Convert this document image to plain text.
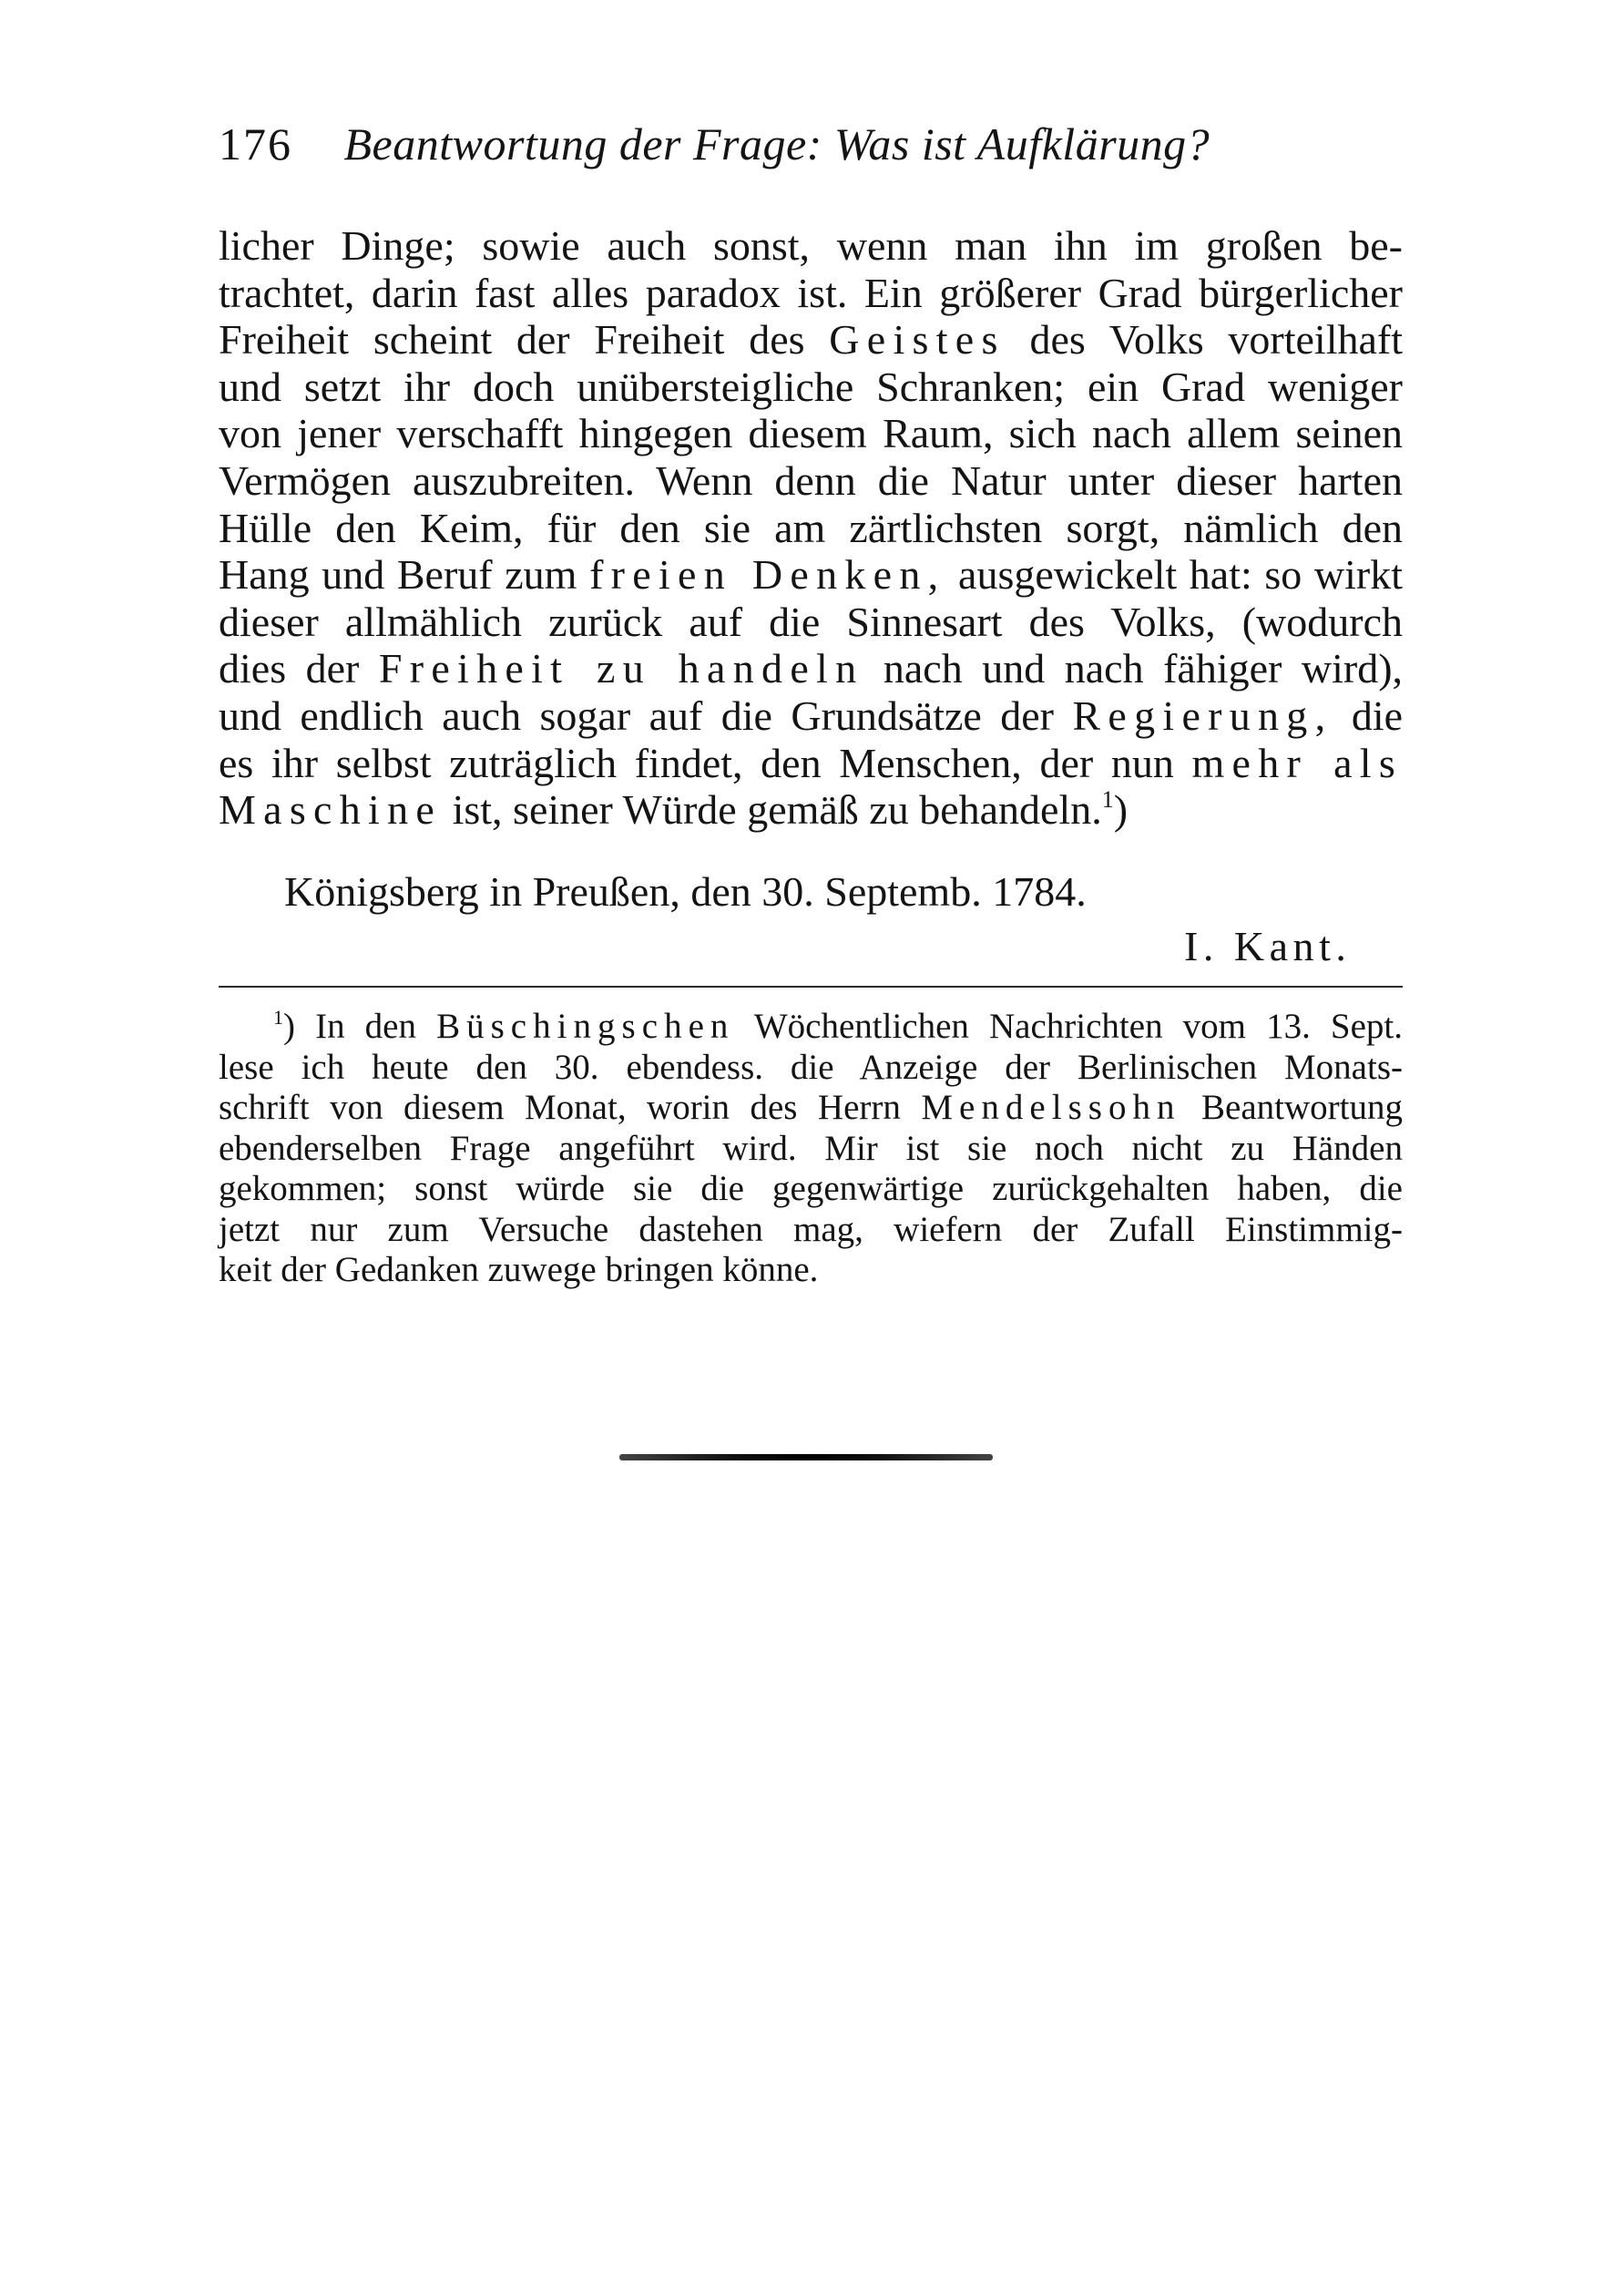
176 Beantwortung der Frage: Was ist Aufklärung?
licher Dinge; sowie auch sonst, wenn man ihn im großen be-
trachtet, darin fast alles paradox ist. Ein größerer Grad bürgerlicher
Freiheit scheint der Freiheit des Geistes des Volks vorteilhaft
und setzt ihr doch unübersteigliche Schranken; ein Grad weniger
von jener verschafft hingegen diesem Raum, sich nach allem seinen
Vermögen auszubreiten. Wenn denn die Natur unter dieser harten
Hülle den Keim, für den sie am zärtlichsten sorgt, nämlich den
Hang und Beruf zum freien Denken, ausgewickelt hat: so wirkt
dieser allmählich zurück auf die Sinnesart des Volks, (wodurch
dies der Freiheit zu handeln nach und nach fähiger wird),
und endlich auch sogar auf die Grundsätze der Regierung, die
es ihr selbst zuträglich findet, den Menschen, der nun mehr als
Maschine ist, seiner Würde gemäß zu behandeln.$^1$)
Königsberg in Preußen, den 30. Septemb. 1784.
I. Kant.
$^1$) In den Büschingschen Wöchentlichen Nachrichten vom 13. Sept.
lese ich heute den 30. ebendess. die Anzeige der Berlinischen Monats-
schrift von diesem Monat, worin des Herrn Mendelssohn Beantwortung
ebenderselben Frage angeführt wird. Mir ist sie noch nicht zu Händen
gekommen; sonst würde sie die gegenwärtige zurückgehalten haben, die
jetzt nur zum Versuche dastehen mag, wiefern der Zufall Einstimmig-
keit der Gedanken zuwege bringen könne.
